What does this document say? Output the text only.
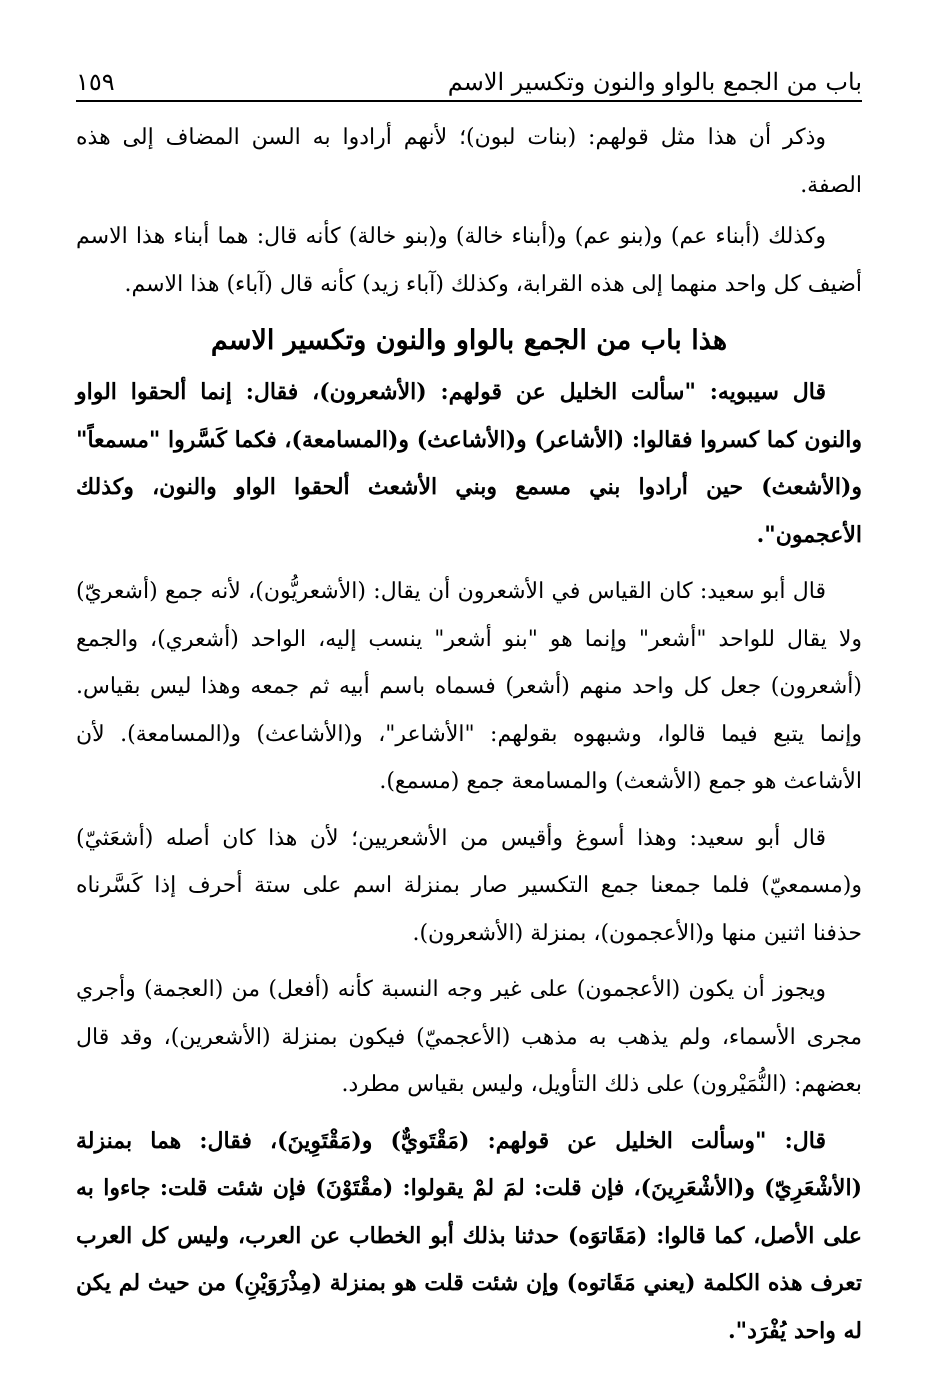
باب من الجمع بالواو والنون وتكسير الاسم
١٥٩

وذكر أن هذا مثل قولهم: (بنات لبون)؛ لأنهم أرادوا به السن المضاف إلى هذه الصفة.

وكذلك (أبناء عم) و(بنو عم) و(أبناء خالة) و(بنو خالة) كأنه قال: هما أبناء هذا الاسم أضيف كل واحد منهما إلى هذه القرابة، وكذلك (آباء زيد) كأنه قال (آباء) هذا الاسم.

هذا باب من الجمع بالواو والنون وتكسير الاسم

قال سيبويه: "سألت الخليل عن قولهم: (الأشعرون)، فقال: إنما ألحقوا الواو والنون كما كسروا فقالوا: (الأشاعر) و(الأشاعث) و(المسامعة)، فكما كَسَّروا "مسمعاً" و(الأشعث) حين أرادوا بني مسمع وبني الأشعث ألحقوا الواو والنون، وكذلك الأعجمون".

قال أبو سعيد: كان القياس في الأشعرون أن يقال: (الأشعريُّون)، لأنه جمع (أشعريّ) ولا يقال للواحد "أشعر" وإنما هو "بنو أشعر" ينسب إليه، الواحد (أشعري)، والجمع (أشعرون) جعل كل واحد منهم (أشعر) فسماه باسم أبيه ثم جمعه وهذا ليس بقياس. وإنما يتبع فيما قالوا، وشبهوه بقولهم: "الأشاعر"، و(الأشاعث) و(المسامعة). لأن الأشاعث هو جمع (الأشعث) والمسامعة جمع (مسمع).

قال أبو سعيد: وهذا أسوغ وأقيس من الأشعريين؛ لأن هذا كان أصله (أشعَثيّ) و(مسمعيّ) فلما جمعنا جمع التكسير صار بمنزلة اسم على ستة أحرف إذا كَسَّرناه حذفنا اثنين منها و(الأعجمون)، بمنزلة (الأشعرون).

ويجوز أن يكون (الأعجمون) على غير وجه النسبة كأنه (أفعل) من (العجمة) وأجري مجرى الأسماء، ولم يذهب به مذهب (الأعجميّ) فيكون بمنزلة (الأشعرين)، وقد قال بعضهم: (النُّمَيْرون) على ذلك التأويل، وليس بقياس مطرد.

قال: "وسألت الخليل عن قولهم: (مَقْتَويٌّ) و(مَقْتَوِينَ)، فقال: هما بمنزلة (الأشْعَرِيّ) و(الأشْعَرِينَ)، فإن قلت: لمَ لمْ يقولوا: (مقْتَوْنَ) فإن شئت قلت: جاءوا به على الأصل، كما قالوا: (مَقَاتوَه) حدثنا بذلك أبو الخطاب عن العرب، وليس كل العرب تعرف هذه الكلمة (يعني مَقَاتوه) وإن شئت قلت هو بمنزلة (مِذْرَوَيْنِ) من حيث لم يكن له واحد يُفْرَد".
